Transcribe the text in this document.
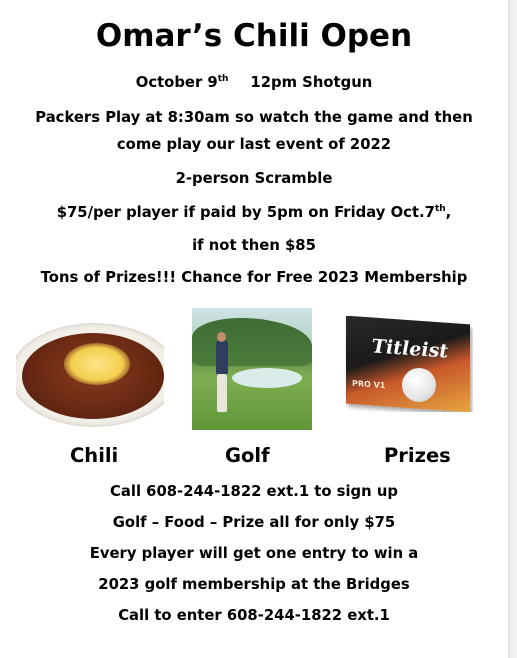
Omar’s Chili Open
October 9th 12pm Shotgun
Packers Play at 8:30am so watch the game and then
come play our last event of 2022
2-person Scramble
$75/per player if paid by 5pm on Friday Oct.7th,
if not then $85
Tons of Prizes!!! Chance for Free 2023 Membership
Titleist
PRO V1
Chili	Golf	Prizes
Call 608-244-1822 ext.1 to sign up
Golf – Food – Prize all for only $75
Every player will get one entry to win a
2023 golf membership at the Bridges
Call to enter 608-244-1822 ext.1
